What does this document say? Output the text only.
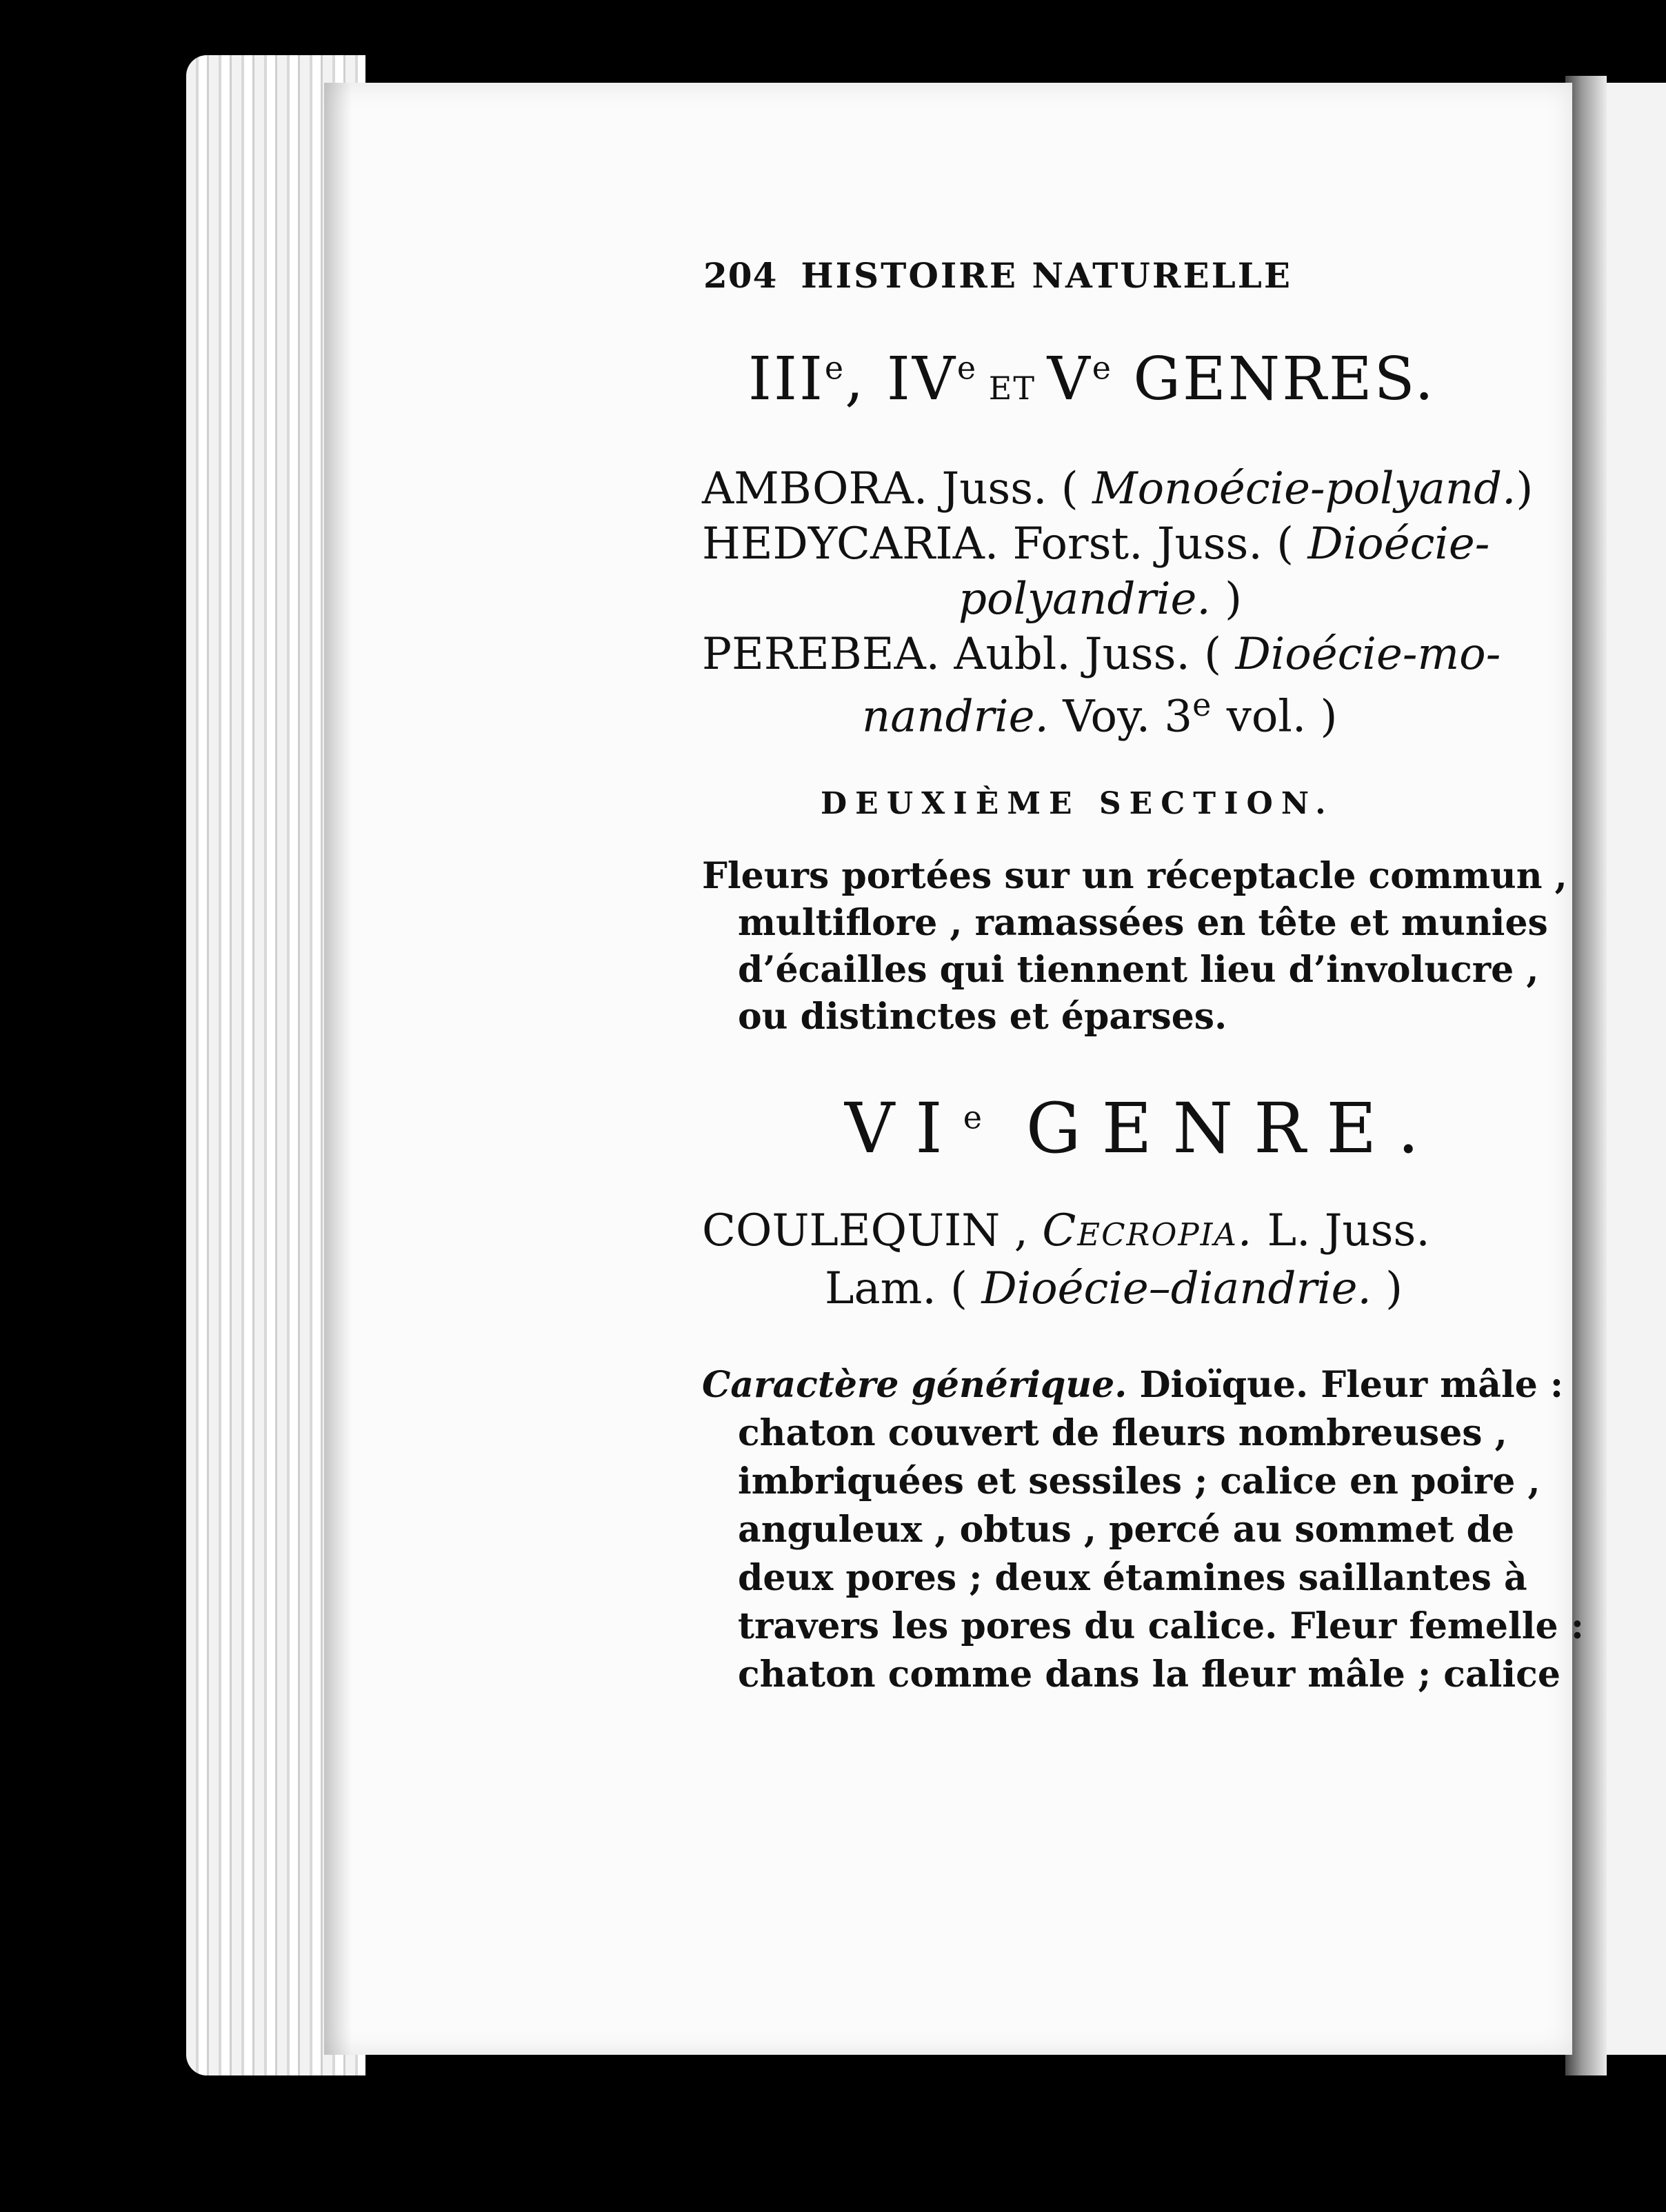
204 HISTOIRE NATURELLE
IIIe, IVe ET Ve GENRES.
AMBORA. Juss. ( Monoécie-polyand.)
HEDYCARIA. Forst. Juss. ( Dioécie-
polyandrie. )
PEREBEA. Aubl. Juss. ( Dioécie-mo-
nandrie. Voy. 3e vol. )
DEUXIÈME SECTION.
Fleurs portées sur un réceptacle commun ,
multiflore , ramassées en tête et munies
d’écailles qui tiennent lieu d’involucre ,
ou distinctes et éparses.
VIe GENRE.
COULEQUIN , Cecropia. L. Juss.
Lam. ( Dioécie–diandrie. )
Caractère générique. Dioïque. Fleur mâle :
chaton couvert de fleurs nombreuses ,
imbriquées et sessiles ; calice en poire ,
anguleux , obtus , percé au sommet de
deux pores ; deux étamines saillantes à
travers les pores du calice. Fleur femelle :
chaton comme dans la fleur mâle ; calice
